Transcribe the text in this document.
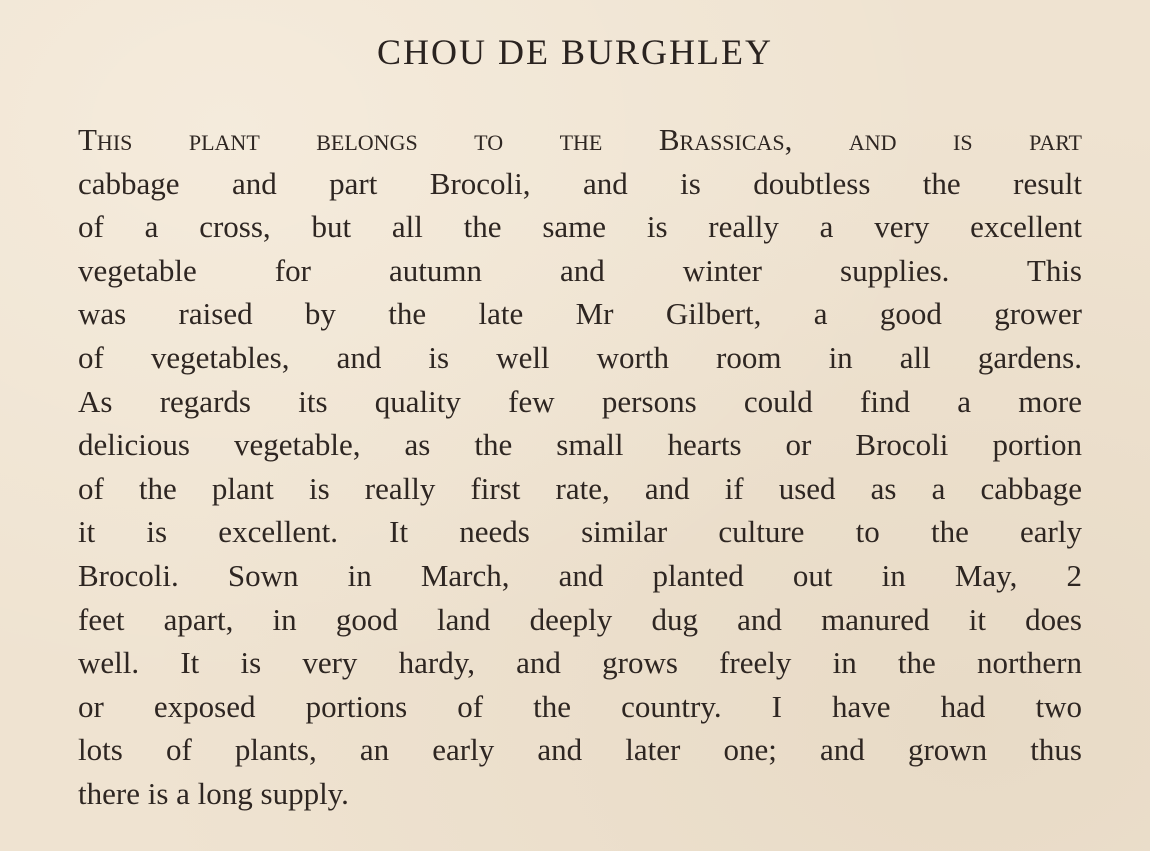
CHOU DE BURGHLEY
This plant belongs to the Brassicas, and is part
cabbage and part Brocoli, and is doubtless the result
of a cross, but all the same is really a very excellent
vegetable for autumn and winter supplies. This
was raised by the late Mr Gilbert, a good grower
of vegetables, and is well worth room in all gardens.
As regards its quality few persons could find a more
delicious vegetable, as the small hearts or Brocoli portion
of the plant is really first rate, and if used as a cabbage
it is excellent. It needs similar culture to the early
Brocoli. Sown in March, and planted out in May, 2
feet apart, in good land deeply dug and manured it does
well. It is very hardy, and grows freely in the northern
or exposed portions of the country. I have had two
lots of plants, an early and later one; and grown thus
there is a long supply.
